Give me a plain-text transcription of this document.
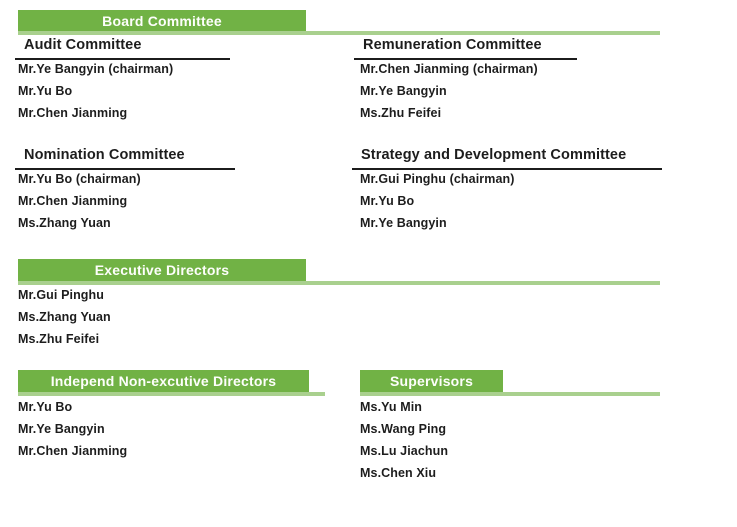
Board Committee
Audit Committee
Mr.Ye Bangyin (chairman)
Mr.Yu Bo
Mr.Chen Jianming
Remuneration Committee
Mr.Chen Jianming (chairman)
Mr.Ye Bangyin
Ms.Zhu Feifei
Nomination Committee
Mr.Yu Bo (chairman)
Mr.Chen Jianming
Ms.Zhang Yuan
Strategy and Development Committee
Mr.Gui Pinghu (chairman)
Mr.Yu Bo
Mr.Ye Bangyin
Executive Directors
Mr.Gui Pinghu
Ms.Zhang Yuan
Ms.Zhu Feifei
Independ Non-excutive Directors
Mr.Yu Bo
Mr.Ye Bangyin
Mr.Chen Jianming
Supervisors
Ms.Yu Min
Ms.Wang Ping
Ms.Lu Jiachun
Ms.Chen Xiu
